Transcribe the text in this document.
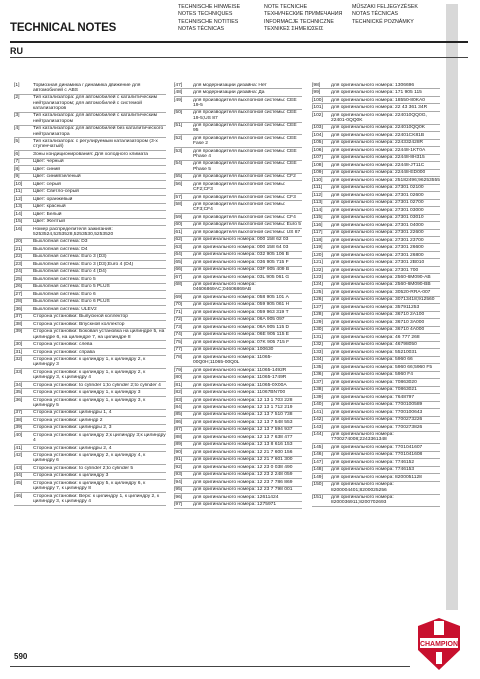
TECHNISCHE HINWEISE
NOTES TECHNIQUES
TECHNISCHE NOTITIES
NOTAS TÉCNICAS
NOTE TECNICHE
ТЕХНИЧЕСКИЕ ПРИМЕЧАНИЯ
INFORMACJE TECHNICZNE
ΤΕΧΝΙΚΕΣ ΣΗΜΕΙΩΣΕΙΣ
MŰSZAKI FELJEGYZÉSEK
NOTAS TÉCNICAS
TECHNICKÉ POZNÁMKY
TECHNICAL NOTES
RU
[1]	Тормозная динамика / динамика движение для автомобилей с ABS
[2]	Тип катализатора: для автомобилей с каталитическим нейтрализатором; для автомобилей с системой катализаторов
[3]	Тип катализатора: для автомобилей с каталитическим нейтрализатором
[4]	Тип катализатора: для автомобилей без каталитического нейтрализатора
[5]	Тип катализатора: с регулируемым катализатором (3-х ступенчатый)
[6]	Зоны кондиционирования: Для холодного климата
[7]	Цвет: черный
[8]	Цвет: синий
[9]	Цвет: синий/зеленый
[10]	Цвет: серый
[11]	Цвет: Светло-серый
[12]	Цвет: оранжевый
[13]	Цвет: красный
[14]	Цвет: Белый
[15]	Цвет: Желтый
[16]	Номер распределителя зажигания: 5253524,5253528,5253530,5253520
[20]	Выхлопная система: D3
[21]	Выхлопная система: D4
[22]	Выхлопная система: Euro 3 (D3)
[23]	Выхлопная система: Euro 3 (D3);Euro 4 (D4)
[24]	Выхлопная система: Euro 4 (D4)
[25]	Выхлопная система: Euro 5
[26]	Выхлопная система: Euro 5 PLUS
[27]	Выхлопная система: Euro 6
[28]	Выхлопная система: Euro 6 PLUS
[36]	Выхлопная система: ULEV2
[37]	Сторона установки: Выпускной коллектор
[38]	Сторона установки: Впускной коллектор
[39]	Сторона установки: Боковая установка на цилиндре 5, на цилиндре 6, на цилиндре 7, на цилиндре 8
[30]	Сторона установки: слева
[31]	Сторона установки: справа
[32]	Сторона установки: к цилиндру 1, к цилиндру 2, к цилиндру 3
[33]	Сторона установки: к цилиндру 1, к цилиндру 2, к цилиндру 3, к цилиндру 4
[34]	Сторона установки: to cylinder 1;to cylinder 2;to cylinder 4
[35]	Сторона установки: к цилиндру 1, к цилиндру 3
[36]	Сторона установки: к цилиндру 1, к цилиндру 3, к цилиндру 5
[37]	Сторона установки: цилиндры 1, 4
[38]	Сторона установки: цилиндр 2
[39]	Сторона установки: цилиндры 2, 3
[40]	Сторона установки: к цилиндру 2;к цилиндру 3;к цилиндру 4
[41]	Сторона установки: цилиндры 2, 4
[42]	Сторона установки: к цилиндру 2, к цилиндру 4, к цилиндру 6
[43]	Сторона установки: to cylinder 2;to cylinder 5
[44]	Сторона установки: к цилиндру 3
[45]	Сторона установки: к цилиндру 5, к цилиндру 6, к цилиндру 7, к цилиндру 8
[46]	Сторона установки: Верх: к цилиндру 1, к цилиндру 2, к цилиндру 3, к цилиндру 4
[47]	для модернизации дизайна: Нет
[48]	для модернизации дизайна: Да
[49]	для производителя выхлопной системы: CEE 19-5
[50]	для производителя выхлопной системы: CEE 19-5;US 87
[51]	для производителя выхлопной системы: CEE 95
[52]	для производителя выхлопной системы: CEE Fase 2
[53]	для производителя выхлопной системы: CEE Phase 4
[54]	для производителя выхлопной системы: CEE Phase 5
[55]	для производителя выхлопной системы: CF2
[56]	для производителя выхлопной системы: CF2;CF3
[57]	для производителя выхлопной системы: CF3
[58]	для производителя выхлопной системы: CF3;CF4
[59]	для производителя выхлопной системы: CF4
[60]	для производителя выхлопной системы: Euro 5
[61]	для производителя выхлопной системы: US 87
[62]	для оригинального номера: 000 158 62 03
[63]	для оригинального номера: 000 158 64 03
[64]	для оригинального номера: 032 905 106 B
[65]	для оригинального номера: 036 905 715 F
[66]	для оригинального номера: 03F 905 409 B
[67]	для оригинального номера: 03L 905 061 G
[68]	для оригинального номера: 04606869AC;04606869AB
[69]	для оригинального номера: 058 905 101 A
[70]	для оригинального номера: 059 905 061 H
[71]	для оригинального номера: 059 963 319 T
[72]	для оригинального номера: 06A 905 097
[73]	для оригинального номера: 06A 905 115 D
[74]	для оригинального номера: 06E 905 115 E
[75]	для оригинального номера: 07K 905 715 F
[77]	для оригинального номера: 100630
[78]	для оригинального номера: 11065-00Q0H;11065-00Q0L
[79]	для оригинального номера: 11065-1492R
[80]	для оригинального номера: 11065-1749R
[81]	для оригинального номера: 11065-0X00A
[82]	для оригинального номера: 11067BN700
[83]	для оригинального номера: 12 13 1 703 228
[84]	для оригинального номера: 12 13 1 712 219
[85]	для оригинального номера: 12 13 7 510 738
[86]	для оригинального номера: 12 13 7 548 553
[87]	для оригинального номера: 12 13 7 594 937
[88]	для оригинального номера: 12 13 7 638 477
[89]	для оригинального номера: 12 13 8 616 153
[90]	для оригинального номера: 12 21 7 600 156
[91]	для оригинального номера: 12 21 7 601 300
[92]	для оригинального номера: 12 23 0 038 490
[93]	для оригинального номера: 12 23 2 248 059
[94]	для оригинального номера: 12 23 7 786 869
[95]	для оригинального номера: 12 23 7 798 001
[96]	для оригинального номера: 12611424
[97]	для оригинального номера: 1275971
[98]	для оригинального номера: 1306696
[99]	для оригинального номера: 171 905 115
[100]	для оригинального номера: 18550-80KA0
[101]	для оригинального номера: 22 43 361 34R
[102]	для оригинального номера: 224010QQ0G, 22401-0QQ0K
[103]	для оригинального номера: 224010QQ0K
[104]	для оригинального номера: 22401CK81B
[105]	для оригинального номера: 224332428R
[106]	для оригинального номера: 22448-1KT0A
[107]	для оригинального номера: 22448-8H315
[108]	для оригинального номера: 22448-JT11C
[109]	для оригинального номера: 22448-ED000
[110]	для оригинального номера: 25182496;96253555
[111]	для оригинального номера: 27301 02100
[112]	для оригинального номера: 27301 02600
[113]	для оригинального номера: 27301 02700
[114]	для оригинального номера: 27301 03000
[115]	для оригинального номера: 27301 03010
[116]	для оригинального номера: 27301 04000
[117]	для оригинального номера: 27301 22600
[118]	для оригинального номера: 27301 23700
[119]	для оригинального номера: 27301 26600
[120]	для оригинального номера: 27301 26800
[121]	для оригинального номера: 27301 2B010
[122]	для оригинального номера: 27301 700
[123]	для оригинального номера: 2560-6M090-AB
[124]	для оригинального номера: 2560-6M090-BB
[125]	для оригинального номера: 30520-RRA-007
[126]	для оригинального номера: 30713418;912560
[127]	для оригинального номера: 357911253
[128]	для оригинального номера: 36710 2A100
[129]	для оригинального номера: 36710 3A000
[130]	для оригинального номера: 36710 4A000
[131]	для оригинального номера: 46 777 268
[132]	для оригинального номера: 46798050
[133]	для оригинального номера: 55210031
[134]	для оригинального номера: 5960 66
[135]	для оригинального номера: 5960 66;5960 F5
[136]	для оригинального номера: 5960 F4
[137]	для оригинального номера: 70863020
[138]	для оригинального номера: 70863021
[139]	для оригинального номера: 7648797
[140]	для оригинального номера: 7700100589
[141]	для оригинального номера: 7700100643
[142]	для оригинального номера: 7700273226
[143]	для оригинального номера: 7700273826
[144]	для оригинального номера: 7700274008;2243361348
[145]	для оригинального номера: 7701041607
[146]	для оригинального номера: 7701041608
[147]	для оригинального номера: 7746152
[148]	для оригинального номера: 7746153
[149]	для оригинального номера: 8200051128
[150]	для оригинального номера: 8200004401;8200025256
[151]	для оригинального номера: 8200036911;8200702693
590
CHAMPION
